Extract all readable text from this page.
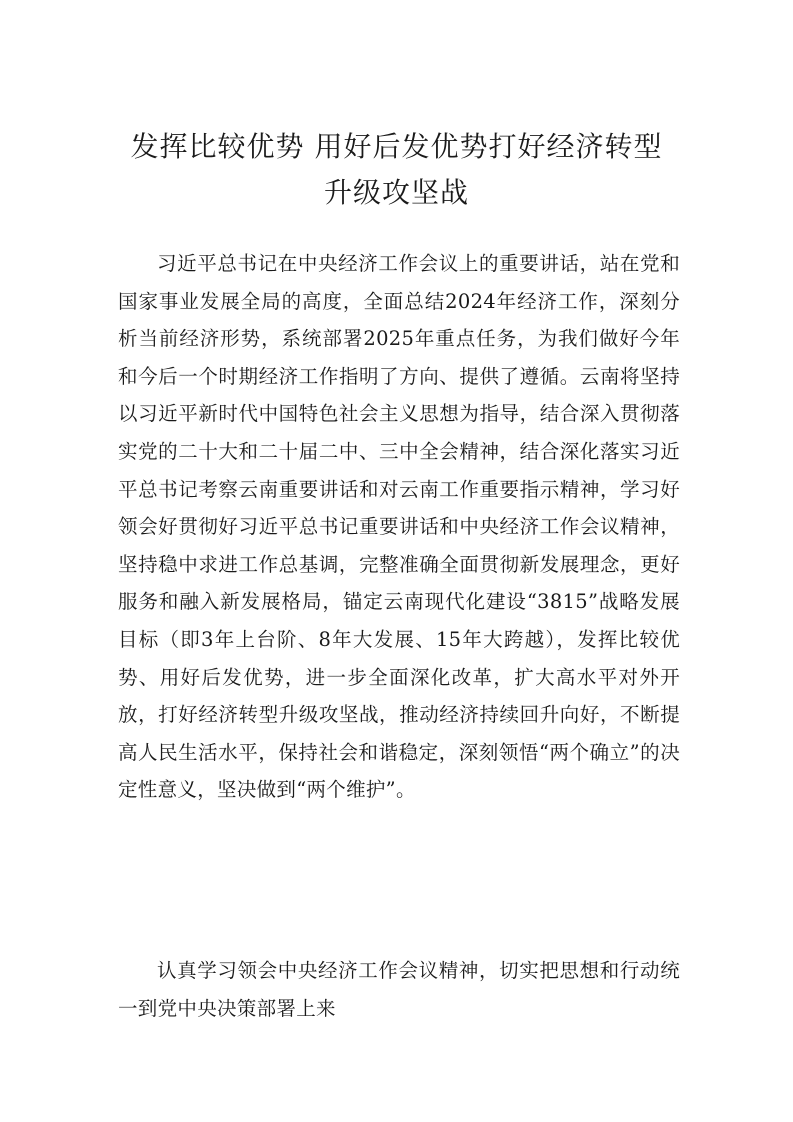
发挥比较优势 用好后发优势打好经济转型
升级攻坚战

习近平总书记在中央经济工作会议上的重要讲话，站在党和国家事业发展全局的高度，全面总结2024年经济工作，深刻分析当前经济形势，系统部署2025年重点任务，为我们做好今年和今后一个时期经济工作指明了方向、提供了遵循。云南将坚持以习近平新时代中国特色社会主义思想为指导，结合深入贯彻落实党的二十大和二十届二中、三中全会精神，结合深化落实习近平总书记考察云南重要讲话和对云南工作重要指示精神，学习好领会好贯彻好习近平总书记重要讲话和中央经济工作会议精神，坚持稳中求进工作总基调，完整准确全面贯彻新发展理念，更好服务和融入新发展格局，锚定云南现代化建设“3815”战略发展目标（即3年上台阶、8年大发展、15年大跨越），发挥比较优势、用好后发优势，进一步全面深化改革，扩大高水平对外开放，打好经济转型升级攻坚战，推动经济持续回升向好，不断提高人民生活水平，保持社会和谐稳定，深刻领悟“两个确立”的决定性意义，坚决做到“两个维护”。

认真学习领会中央经济工作会议精神，切实把思想和行动统一到党中央决策部署上来
